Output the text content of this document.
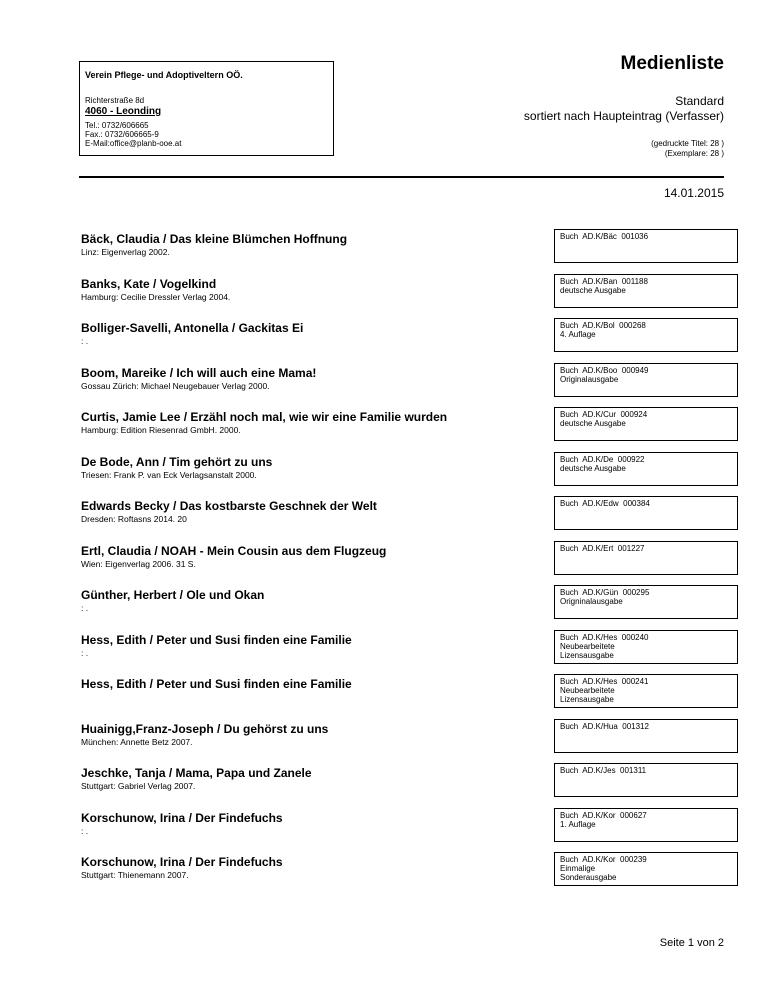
Verein Pflege- und Adoptiveltern OÖ.
Richterstraße 8d
4060 - Leonding
Tel.: 0732/606665
Fax.: 0732/606665-9
E-Mail:office@planb-ooe.at
Medienliste
Standard
sortiert nach Haupteintrag (Verfasser)
(gedruckte Titel: 28 )
(Exemplare: 28 )
14.01.2015
Bäck, Claudia / Das kleine Blümchen Hoffnung
Linz: Eigenverlag 2002.
Buch  AD.K/Bäc  001036
Banks, Kate / Vogelkind
Hamburg: Cecilie Dressler Verlag 2004.
Buch  AD.K/Ban  001188
deutsche Ausgabe
Bolliger-Savelli, Antonella / Gackitas Ei
: .
Buch  AD.K/Bol  000268
4. Auflage
Boom, Mareike / Ich will auch eine Mama!
Gossau Zürich: Michael Neugebauer Verlag 2000.
Buch  AD.K/Boo  000949
Originalausgabe
Curtis, Jamie Lee / Erzähl noch mal, wie wir eine Familie wurden
Hamburg: Edition Riesenrad GmbH. 2000.
Buch  AD.K/Cur  000924
deutsche Ausgabe
De Bode, Ann / Tim gehört zu uns
Triesen: Frank P. van Eck Verlagsanstalt 2000.
Buch  AD.K/De  000922
deutsche Ausgabe
Edwards Becky / Das kostbarste Geschnek der Welt
Dresden: Roftasns 2014. 20
Buch  AD.K/Edw  000384
Ertl, Claudia / NOAH - Mein Cousin aus dem Flugzeug
Wien: Eigenverlag 2006. 31 S.
Buch  AD.K/Ert  001227
Günther, Herbert / Ole und Okan
: .
Buch  AD.K/Gün  000295
Origninalausgabe
Hess, Edith / Peter und Susi finden eine Familie
: .
Buch  AD.K/Hes  000240
Neubearbeitete
Lizensausgabe
Hess, Edith / Peter und Susi finden eine Familie	Buch  AD.K/Hes  000241
Neubearbeitete
Lizensausgabe
Huainigg,Franz-Joseph / Du gehörst zu uns
München: Annette Betz 2007.
Buch  AD.K/Hua  001312
Jeschke, Tanja / Mama, Papa und Zanele
Stuttgart: Gabriel Verlag 2007.
Buch  AD.K/Jes  001311
Korschunow, Irina / Der Findefuchs
: .
Buch  AD.K/Kor  000627
1. Auflage
Korschunow, Irina / Der Findefuchs
Stuttgart: Thienemann 2007.
Buch  AD.K/Kor  000239
Einmalige
Sonderausgabe
Seite 1 von 2
